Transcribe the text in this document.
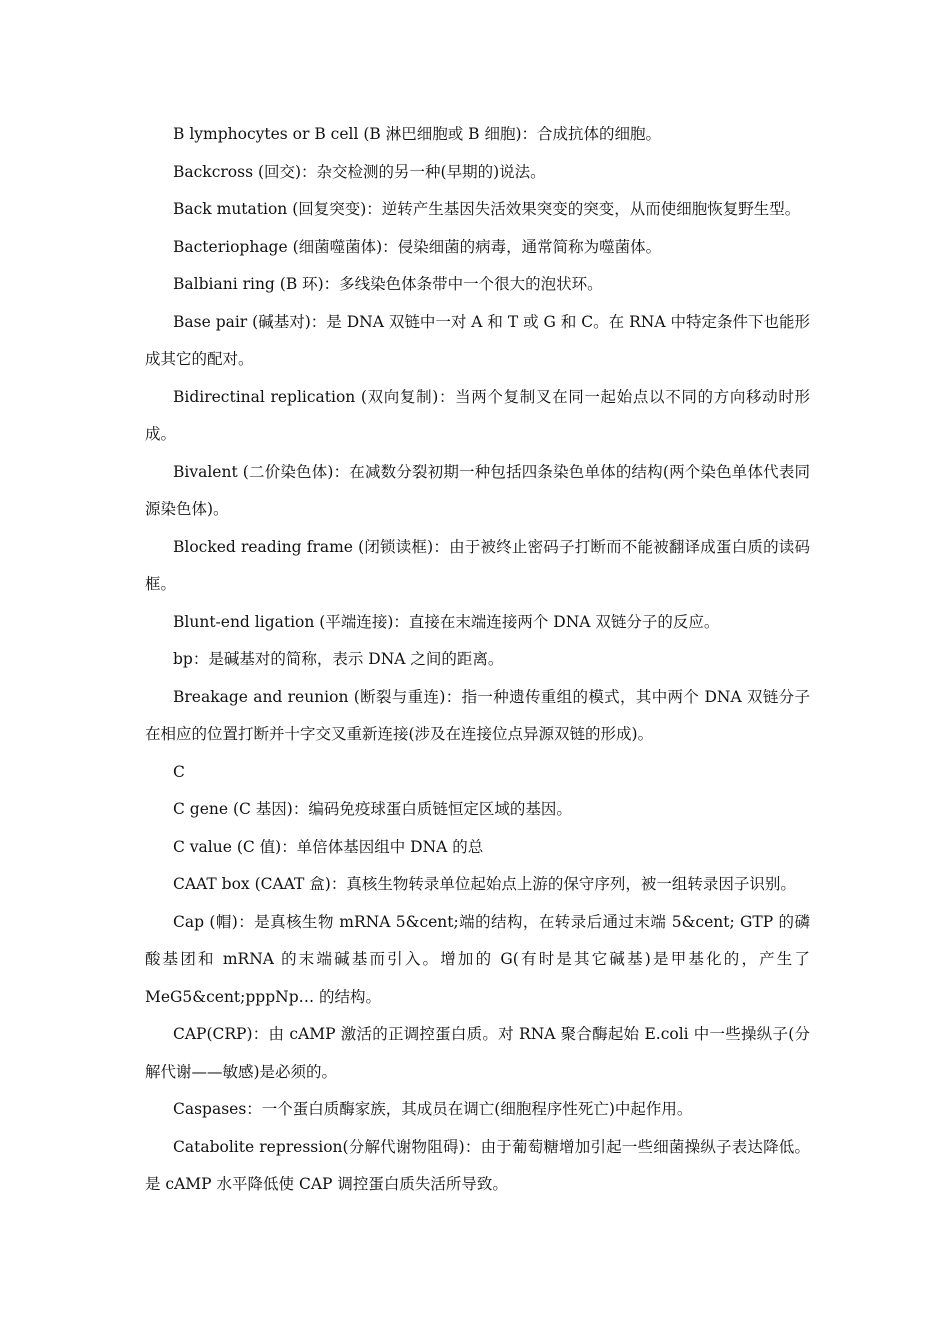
B lymphocytes or B cell (B 淋巴细胞或 B 细胞)：合成抗体的细胞。

Backcross (回交)：杂交检测的另一种(早期的)说法。

Back mutation (回复突变)：逆转产生基因失活效果突变的突变，从而使细胞恢复野生型。

Bacteriophage (细菌噬菌体)：侵染细菌的病毒，通常简称为噬菌体。

Balbiani ring (B 环)：多线染色体条带中一个很大的泡状环。

Base pair (碱基对)：是 DNA 双链中一对 A 和 T 或 G 和 C。在 RNA 中特定条件下也能形成其它的配对。

Bidirectinal replication (双向复制)：当两个复制叉在同一起始点以不同的方向移动时形成。

Bivalent (二价染色体)：在减数分裂初期一种包括四条染色单体的结构(两个染色单体代表同源染色体)。

Blocked reading frame (闭锁读框)：由于被终止密码子打断而不能被翻译成蛋白质的读码框。

Blunt-end ligation (平端连接)：直接在末端连接两个 DNA 双链分子的反应。

bp：是碱基对的简称，表示 DNA 之间的距离。

Breakage and reunion (断裂与重连)：指一种遗传重组的模式，其中两个 DNA 双链分子在相应的位置打断并十字交叉重新连接(涉及在连接位点异源双链的形成)。

C

C gene (C 基因)：编码免疫球蛋白质链恒定区域的基因。

C value (C 值)：单倍体基因组中 DNA 的总

CAAT box (CAAT 盒)：真核生物转录单位起始点上游的保守序列，被一组转录因子识别。

Cap (帽)：是真核生物 mRNA 5&cent;端的结构，在转录后通过末端 5&cent; GTP 的磷酸基团和 mRNA 的末端碱基而引入。增加的 G(有时是其它碱基)是甲基化的，产生了MeG5&cent;pppNp… 的结构。

CAP(CRP)：由 cAMP 激活的正调控蛋白质。对 RNA 聚合酶起始 E.coli 中一些操纵子(分解代谢——敏感)是必须的。

Caspases：一个蛋白质酶家族，其成员在调亡(细胞程序性死亡)中起作用。

Catabolite repression(分解代谢物阻碍)：由于葡萄糖增加引起一些细菌操纵子表达降低。是 cAMP 水平降低使 CAP 调控蛋白质失活所导致。
